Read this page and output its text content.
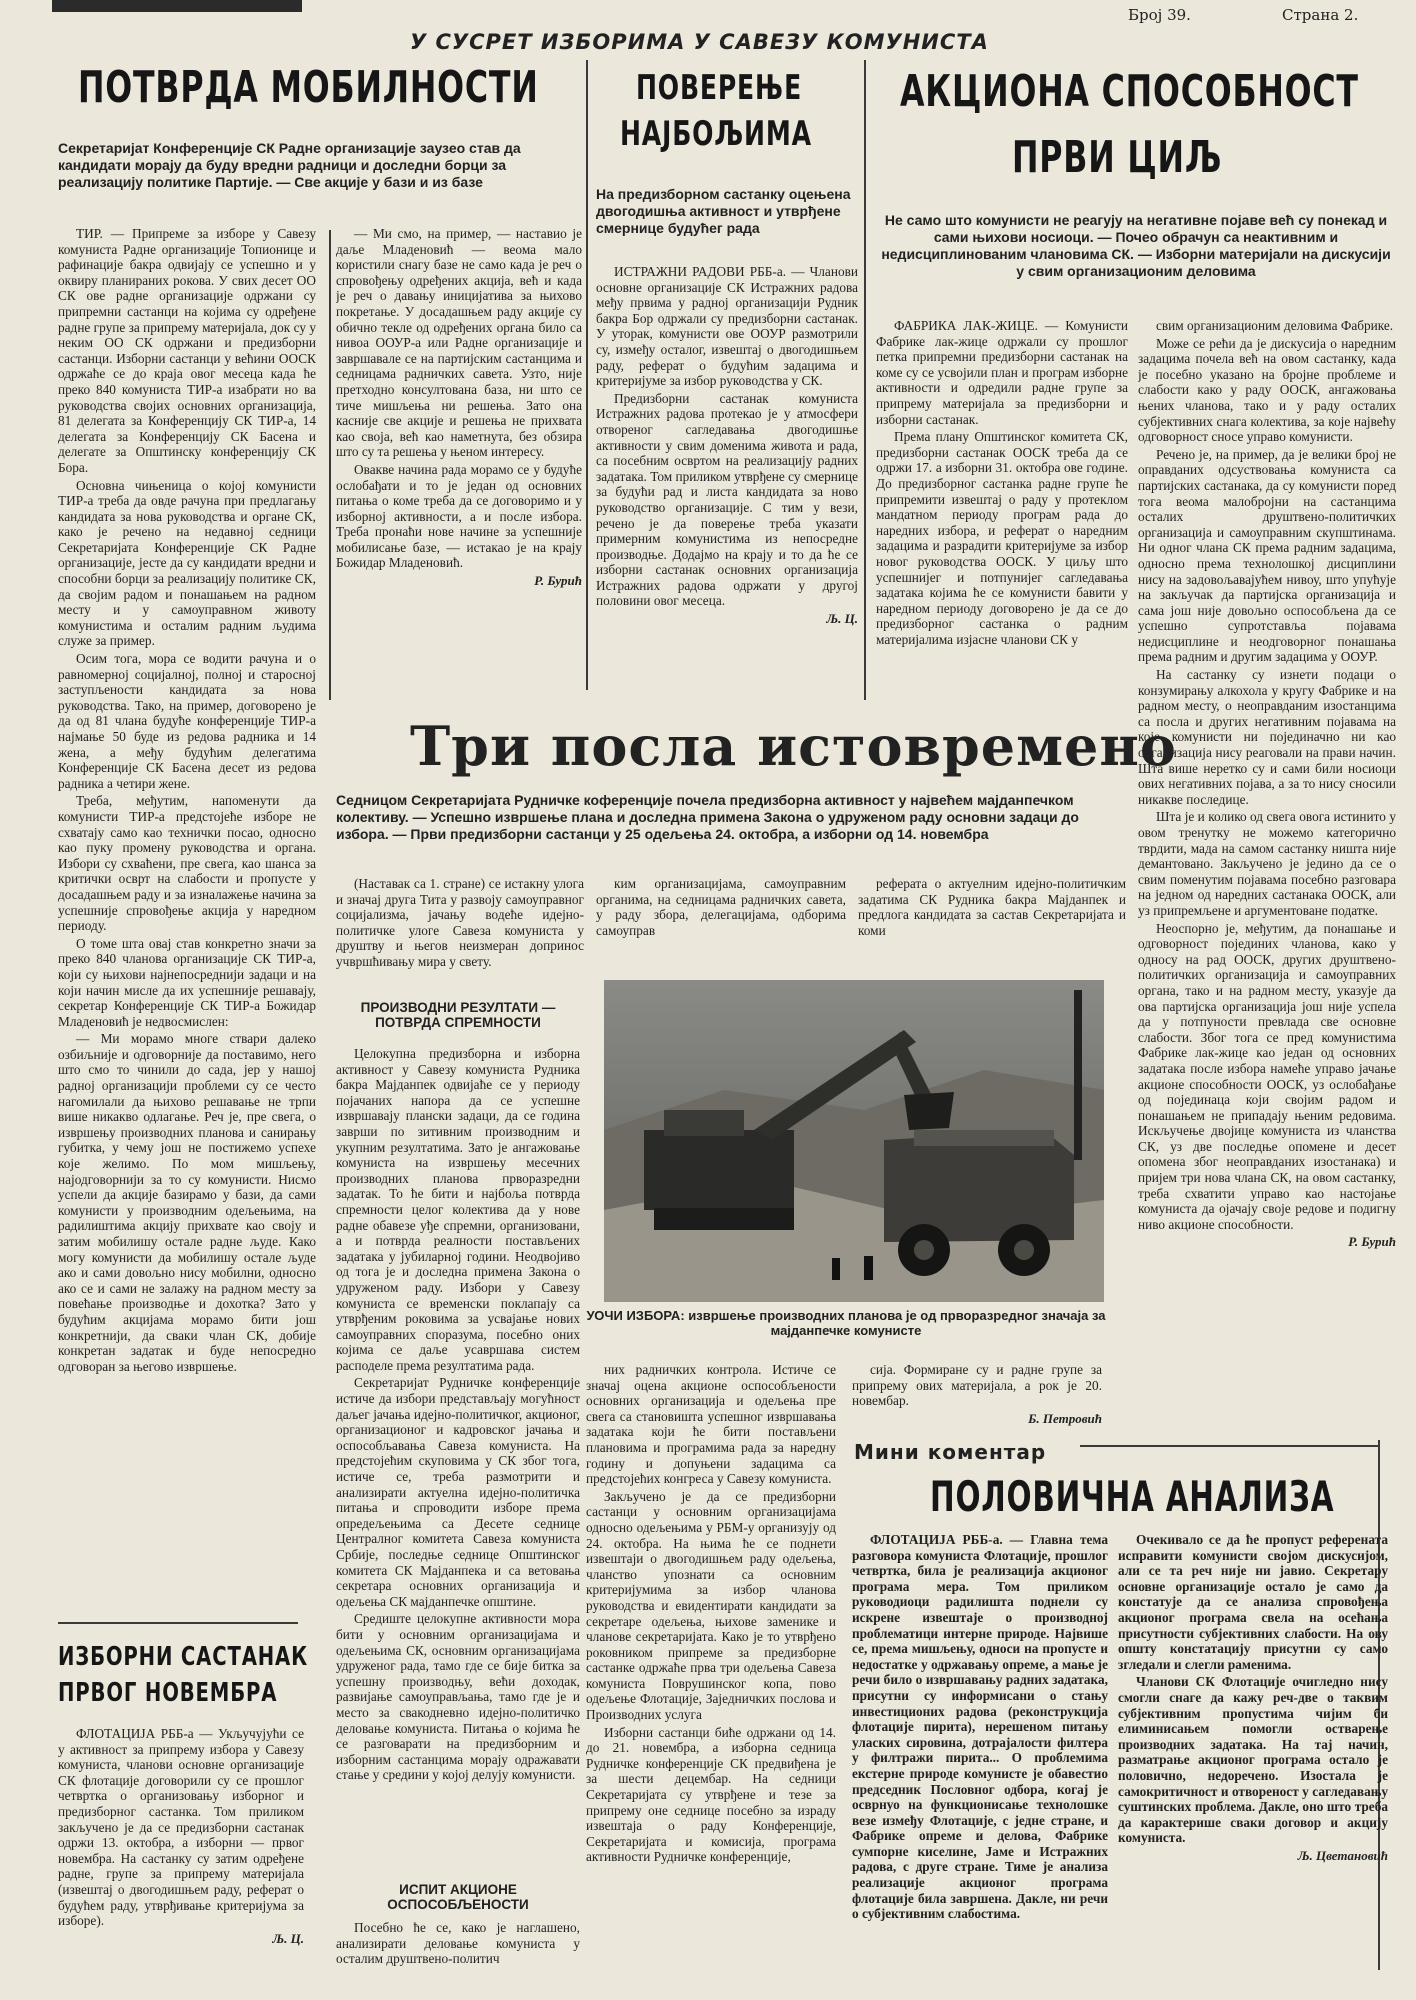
Број 39.	Страна 2.
У СУСРЕТ ИЗБОРИМА У САВЕЗУ КОМУНИСТА
ПОТВРДА МОБИЛНОСТИ
Секретаријат Конференције СК Радне организације заузео став да кандидати морају да буду вредни радници и доследни борци за реализацију политике Партије. — Све акције у бази и из базе

ТИР. — Припреме за изборе у Савезу комуниста Радне организације Топионице и рафинације бакра одвијају се успешно и у оквиру планираних рокова. У свих десет ОО СК ове радне организације одржани су припремни састанци на којима су одређене радне групе за припрему материјала, док су у неким ОО СК одржани и предизборни састанци. Изборни састанци у већини ООСК одржаће се до краја овог месеца када ће преко 840 комуниста ТИР-а изабрати но ва руководства својих основних организација, 81 делегата за Конференцију СК ТИР-а, 14 делегата за Конференцију СК Басена и делегате за Општинску конференцију СК Бора.

Основна чињеница о којој комунисти ТИР-а треба да овде рачуна при предлагању кандидата за нова руководства и органе СК, како је речено на недавној седници Секретаријата Конференције СК Радне организације, јесте да су кандидати вредни и способни борци за реализацију политике СК, да својим радом и понашањем на радном месту и у самоуправном животу комунистима и осталим радним људима служе за пример.

Осим тога, мора се водити рачуна и о равномерној социјалној, полној и старосној заступљености кандидата за нова руководства. Тако, на пример, договорено је да од 81 члана будуће конференције ТИР-а најмање 50 буде из редова радника и 14 жена, а међу будућим делегатима Конференције СК Басена десет из редова радника а четири жене.

Треба, међутим, напоменути да комунисти ТИР-а предстојеће изборе не схватају само као технички посао, односно као пуку промену руководства и органа. Избори су схваћени, пре свега, као шанса за критички осврт на слабости и пропусте у досадашњем раду и за изналажење начина за успешније спровођење акција у наредном периоду.

О томе шта овај став конкретно значи за преко 840 чланова организације СК ТИР-а, који су њихови најнепосреднији задаци и на који начин мисле да их успешније решавају, секретар Конференције СК ТИР-а Божидар Младеновић је недвосмислен:

— Ми морамо многе ствари далеко озбиљније и одговорније да поставимо, него што смо то чинили до сада, јер у нашој радној организацији проблеми су се често нагомилали да њихово решавање не трпи више никакво одлагање. Реч је, пре свега, о извршењу производних планова и санирању губитка, у чему још не постижемо успехе које желимо. По мом мишљењу, најодговорнији за то су комунисти. Нисмо успели да акције базирамо у бази, да сами комунисти у производним одељењима, на радилиштима акцију прихвате као своју и затим мобилишу остале радне људе. Како могу комунисти да мобилишу остале људе ако и сами довољно нису мобилни, односно ако се и сами не залажу на радном месту за повећање производње и дохотка? Зато у будућим акцијама морамо бити још конкретнији, да сваки члан СК, добије конкретан задатак и буде непосредно одговоран за његово извршење.

— Ми смо, на пример, — наставио је даље Младеновић — веома мало користили снагу базе не само када је реч о спровођењу одређених акција, већ и када је реч о давању иницијатива за њихово покретање. У досадашњем раду акције су обично текле од одређених органа било са нивоа ООУР-а или Радне организације и завршавале се на партијским састанцима и седницама радничких савета. Узто, није претходно консултована база, ни што се тиче мишљења ни решења. Зато она касније све акције и решења не прихвата као своја, већ као наметнута, без обзира што су та решења у њеном интересу.

Овакве начина рада морамо се у будуће ослобађати и то је један од основних питања о коме треба да се договоримо и у изборној активности, а и после избора. Треба пронаћи нове начине за успешније мобилисање базе, — истакао је на крају Божидар Младеновић.

Р. Бурић
ПОВЕРЕЊЕ
НАЈБОЉИМА
На предизборном састанку оцењена двогодишња активност и утврђене смернице будућег рада

ИСТРАЖНИ РАДОВИ РББ-а. — Чланови основне организације СК Истражних радова међу првима у радној организацији Рудник бакра Бор одржали су предизборни састанак. У уторак, комунисти ове ООУР размотрили су, између осталог, извештај о двогодишњем раду, реферат о будућим задацима и критеријуме за избор руководства у СК.

Предизборни састанак комуниста Истражних радова протекао је у атмосфери отвореног сагледавања двогодишње активности у свим доменима живота и рада, са посебним освртом на реализацију радних задатака. Том приликом утврђене су смернице за будући рад и листа кандидата за ново руководство организације. С тим у вези, речено је да поверење треба указати примерним комунистима из непосредне производње. Додајмо на крају и то да ће се изборни састанак основних организација Истражних радова одржати у другој половини овог месеца.

Љ. Ц.
АКЦИОНА СПОСОБНОСТ
ПРВИ ЦИЉ
Не само што комунисти не реагују на негативне појаве већ су понекад и сами њихови носиоци. — Почео обрачун са неактивним и недисциплинованим члановима СК. — Изборни материјали на дискусији у свим организационим деловима

ФАБРИКА ЛАК-ЖИЦЕ. — Комунисти Фабрике лак-жице одржали су прошлог петка припремни предизборни састанак на коме су се усвојили план и програм изборне активности и одредили радне групе за припрему материјала за предизборни и изборни састанак.

Према плану Општинског комитета СК, предизборни састанак ООСК треба да се одржи 17. а изборни 31. октобра ове године. До предизборног састанка радне групе ће припремити извештај о раду у протеклом мандатном периоду програм рада до наредних избора, и реферат о наредним задацима и разрадити критеријуме за избор новог руководства ООСК. У циљу што успешнијег и потпунијег сагледавања задатака којима ће се комунисти бавити у наредном периоду договорено је да се до предизборног састанка о радним материјалима изјасне чланови СК у

свим организационим деловима Фабрике.

Може се рећи да је дискусија о наредним задацима почела већ на овом састанку, када је посебно указано на бројне проблеме и слабости како у раду ООСК, ангажовања њених чланова, тако и у раду осталих субјективних снага колектива, за које највећу одговорност сносе управо комунисти.

Речено је, на пример, да је велики број не оправданих одсуствовања комуниста са партијских састанака, да су комунисти поред тога веома малобројни на састанцима осталих друштвено-политичких организација и самоуправним скупштинама. Ни одног члана СК према радним задацима, односно према технолошкој дисциплини нису на задовољавајућем нивоу, што упућује на закључак да партијска организација и сама још није довољно оспособљена да се успешно супротставља појавама недисциплине и неодговорног понашања према радним и другим задацима у ООУР.

На састанку су изнети подаци о конзумирању алкохола у кругу Фабрике и на радном месту, о неоправданим изостанцима са посла и других негативним појавама на које комунисти ни појединачно ни као организација нису реаговали на прави начин. Шта више неретко су и сами били носиоци ових негативних појава, а за то нису сносили никакве последице.

Шта је и колико од свега овога истинито у овом тренутку не можемо категорично тврдити, мада на самом састанку ништа није демантовано. Закључено је једино да се о свим поменутим појавама посебно разговара на једном од наредних састанака ООСК, али уз припремљене и аргументоване податке.

Неоспорно је, међутим, да понашање и одговорност појединих чланова, како у односу на рад ООСК, других друштвено-политичких организација и самоуправних органа, тако и на радном месту, указује да ова партијска организација још није успела да у потпуности превлада све основне слабости. Због тога се пред комунистима Фабрике лак-жице као један од основних задатака после избора намеће управо јачање акционе способности ООСК, уз ослобађање од појединаца који својим радом и понашањем не припадају њеним редовима. Искључење двојице комуниста из чланства СК, уз две последње опомене и десет опомена због неоправданих изостанака) и пријем три нова члана СК, на овом састанку, треба схватити управо као настојање комуниста да ојачају своје редове и подигну ниво акционе способности.

Р. Бурић
Три посла истовремено
Седницом Секретаријата Рудничке коференције почела предизборна активност у највећем мајданпечком колективу. — Успешно извршење плана и доследна примена Закона о удруженом раду основни задаци до избора. — Први предизборни састанци у 25 одељења 24. октобра, а изборни од 14. новембра

(Наставак са 1. стране) се истакну улога и значај друга Тита у развоју самоуправног социјализма, јачању водеће идејно-политичке улоге Савеза комуниста у друштву и његов неизмеран допринос учвршћивању мира у свету.

ким организацијама, самоуправним органима, на седницама радничких савета, у раду збора, делегацијама, одборима самоуправ

реферата о актуелним идејно-политичким задатима СК Рудника бакра Мајданпек и предлога кандидата за састав Секретаријата и коми

ПРОИЗВОДНИ РЕЗУЛТАТИ — ПОТВРДА СПРЕМНОСТИ

Целокупна предизборна и изборна активност у Савезу комуниста Рудника бакра Мајданпек одвијаће се у периоду појачаних напора да се успешне извршавају плански задаци, да се година заврши по зитивним производним и укупним резултатима. Зато је ангажовање комуниста на извршењу месечних производних планова прворазредни задатак. То ће бити и најбоља потврда спремности целог колектива да у нове радне обавезе уђе спремни, организовани, а и потврда реалности постављених задатака у јубиларној години. Неодвојиво од тога је и доследна примена Закона о удруженом раду. Избори у Савезу комуниста се временски поклапају са утврђеним роковима за усвајање нових самоуправних споразума, посебно оних којима се даље усавршава систем расподеле према резултатима рада.

Секретаријат Рудничке конференције истиче да избори представљају могућност даљег јачања идејно-политичког, акционог, организационог и кадровског јачања и оспособљавања Савеза комуниста. На предстојећим скуповима у СК због тога, истиче се, треба размотрити и анализирати актуелна идејно-политичка питања и спроводити изборе према опредељењима са Десете седнице Централног комитета Савеза комуниста Србије, последње седнице Општинског комитета СК Мајданпека и са ветовања секретара основних организација и одељења СК мајданпечке општине.

Средиште целокупне активности мора бити у основним организацијама и одељењима СК, основним организацијама удруженог рада, тамо где се бије битка за успешну производњу, већи доходак, развијање самоуправљања, тамо где је и место за свакодневно идејно-политичко деловање комуниста. Питања о којима ће се разговарати на предизборним и изборним састанцима морају одражавати стање у средини у којој делују комунисти.

ИСПИТ АКЦИОНЕ ОСПОСОБЉЕНОСТИ

Посебно ће се, како је наглашено, анализирати деловање комуниста у осталим друштвено-политич

УОЧИ ИЗБОРА: извршење производних планова је од прворазредног значаја за мајданпечке комунисте

них радничких контрола. Истиче се значај оцена акционе оспособљености основних организација и одељења пре свега са становишта успешног извршавања задатака који ће бити постављени плановима и програмима рада за наредну годину и допуњени задацима са предстојећих конгреса у Савезу комуниста.

Закључено је да се предизборни састанци у основним организацијама односно одељењима у РБМ-у организују од 24. октобра. На њима ће се поднети извештаји о двогодишњем раду одељења, чланство упознати са основним критеријумима за избор чланова руководства и евидентирати кандидати за секретаре одељења, њихове заменике и чланове секретаријата. Како је то утврђено роковником припреме за предизборне састанке одржаће прва три одељења Савеза комуниста Поврушинског копа, пово одељење Флотације, Заједничких послова и Производних услуга

Изборни састанци биће одржани од 14. до 21. новембра, а изборна седница Рудничке конференције СК предвиђена је за шести децембар. На седници Секретаријата су утврђене и тезе за припрему оне седнице посебно за израду извештаја о раду Конференције, Секретаријата и комисија, програма активности Рудничке конференције,

сија. Формиране су и радне групе за припрему ових материјала, а рок је 20. новембар.

Б. Петровић
ИЗБОРНИ САСТАНАК
ПРВОГ НОВЕМБРА

ФЛОТАЦИЈА РББ-а — Укључујући се у активност за припрему избора у Савезу комуниста, чланови основне организације СК флотације договорили су се прошлог четвртка о организовању изборног и предизборног састанка. Том приликом закључено је да се предизборни састанак одржи 13. октобра, а изборни — првог новембра. На састанку су затим одређене радне, групе за припрему материјала (извештај о двогодишњем раду, реферат о будућем раду, утврђивање критеријума за изборе).

Љ. Ц.
Мини коментар
ПОЛОВИЧНА АНАЛИЗА

ФЛОТАЦИЈА РББ-а. — Главна тема разговора комуниста Флотације, прошлог четвртка, била је реализација акционог програма мера. Том приликом руководиоци радилишта поднели су искрене извештаје о производној проблематици интерне природе. Највише се, према мишљењу, односи на пропусте и недостатке у одржавању опреме, а мање је речи било о извршавању радних задатака, присутни су информисани о стању инвестиционих радова (реконструкција флотације пирита), нерешеном питању уласких сировина, дотрајалости филтера у филтражи пирита... О проблемима екстерне природе комунисте је обавестио председник Пословног одбора, когај је осврнуо на функционисање технолошке везе између Флотације, с једне стране, и Фабрике опреме и делова, Фабрике сумпорне киселине, Јаме и Истражних радова, с друге стране. Тиме је анализа реализације акционог програма флотације била завршена. Дакле, ни речи о субјективним слабостима.

Очекивало се да ће пропуст референата исправити комунисти својом дискусијом, али се та реч није ни јавио. Секретару основне организације остало је само да констатује да се анализа спровођења акционог програма свела на осећања присутности субјективних слабости. На ову општу констатацију присутни су само згледали и слегли раменима.

Чланови СК Флотације очигледно нису смогли снаге да кажу реч-две о таквим субјективним пропустима чијим би елиминисањем помогли остварење производних задатака. На тај начин, разматрање акционог програма остало је половично, недоречено. Изостала је самокритичност и отвореност у сагледавању суштинских проблема. Дакле, оно што треба да карактерише сваки договор и акцију комуниста.

Љ. Цветановић
